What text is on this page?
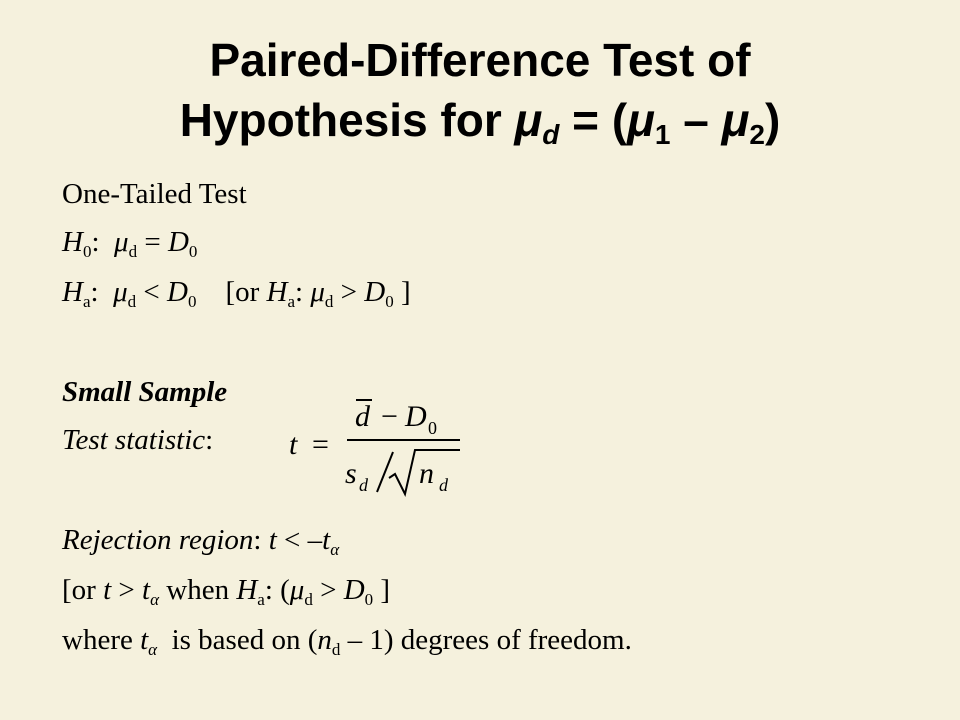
Paired-Difference Test of
Hypothesis for $\mu_d = (\mu_1 - \mu_2)$
One-Tailed Test
$H_0$:  $\mu_d = D_0$
$H_a$:  $\mu_d < D_0$    [or $H_a$: $\mu_d > D_0$ ]
Small Sample
Test statistic:
Rejection region: $t < -t_\alpha$
[or $t > t_\alpha$ when $H_a$: ($\mu_d > D_0$ ]
where $t_\alpha$  is based on $(n_d - 1)$ degrees of freedom.
t =
d − D 0
s d n d
